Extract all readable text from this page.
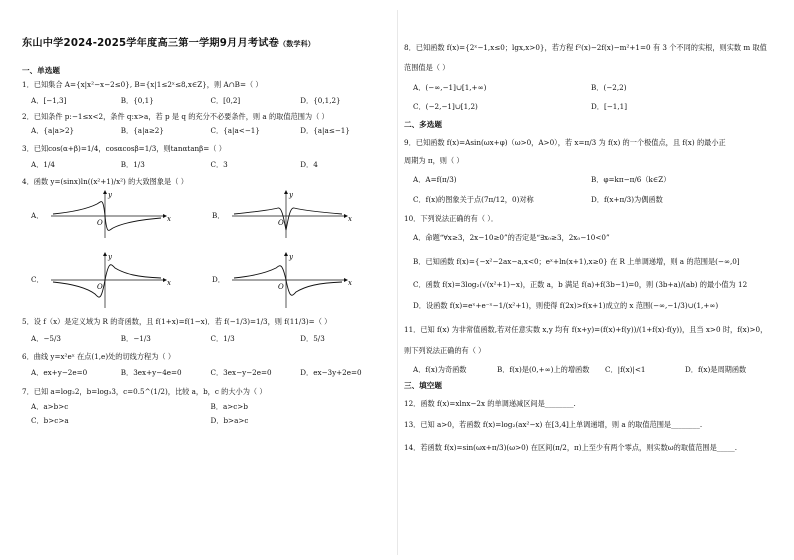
东山中学2024-2025学年度高三第一学期9月月考试卷（数学科）
一、单选题
1．已知集合 A={x|x²−x−2≤0}, B={x|1≤2ˣ≤8,x∈Z}，则 A∩B=（ ）
A．[−1,3]	B．{0,1}	C．[0,2]	D．{0,1,2}
2．已知条件 p:−1≤x<2，条件 q:x>a，若 p 是 q 的充分不必要条件，则 a 的取值范围为（ ）
A．{a|a>2}	B．{a|a≥2}	C．{a|a<−1}	D．{a|a≤−1}
3．已知cos(α+β)=1/4，cosαcosβ=1/3，则tanαtanβ=（ ）
A．1/4	B．1/3	C．3	D．4
4．函数 y=(sinx)ln((x²+1)/x²) 的大致图象是（ ）
A．	x
y
O
B．	x
y
O
C．	x
y
O
D．	x
y
O
5．设 f（x）是定义域为 R 的奇函数，且 f(1+x)=f(1−x)．若 f(−1/3)=1/3，则 f(11/3)=（ ）
A．−5/3	B．−1/3	C．1/3	D．5/3
6．曲线 y=x²eˣ 在点(1,e)处的切线方程为（ ）
A．ex+y−2e=0	B．3ex+y−4e=0	C．3ex−y−2e=0	D．ex−3y+2e=0
7．已知 a=log₂2，b=log₃3，c=0.5^(1/2)，比较 a，b，c 的大小为（ ）
A．a>b>c	B．a>c>b
C．b>c>a	D．b>a>c
8．已知函数 f(x)={2ˣ−1,x≤0；lgx,x>0}，若方程 f²(x)−2f(x)−m²+1=0 有 3 个不同的实根，则实数 m 取值
范围值是（ ）
A．(−∞,−1]∪[1,+∞)	B．(−2,2)
C．(−2,−1]∪[1,2)	D．[−1,1]
二、多选题
9．已知函数 f(x)=Asin(ωx+φ)（ω>0，A>0），若 x=π/3 为 f(x) 的一个极值点，且 f(x) 的最小正
周期为 π，则（ ）
A．A=f(π/3)	B．φ=kπ−π/6（k∈Z）
C．f(x)的图象关于点(7π/12，0)对称	D．f(x+π/3)为偶函数
10．下列说法正确的有（ ）．
A．命题“∀x≥3，2x−10≥0”的否定是“∃x₀≥3，2x₀−10<0”
B．已知函数 f(x)={−x²−2ax−a,x<0；eˣ+ln(x+1),x≥0} 在 R 上单调递增，则 a 的范围是(−∞,0]
C．函数 f(x)=3log₂(√(x²+1)−x)，正数 a，b 满足 f(a)+f(3b−1)=0，则 (3b+a)/(ab) 的最小值为 12
D．设函数 f(x)=eˣ+e⁻ˣ−1/(x²+1)，则使得 f(2x)>f(x+1)成立的 x 范围(−∞,−1/3)∪(1,+∞)
11．已知 f(x) 为非常值函数,若对任意实数 x,y 均有 f(x+y)=(f(x)+f(y))/(1+f(x)·f(y))，且当 x>0 时，f(x)>0，
则下列说法正确的有（ ）
A．f(x)为奇函数	B．f(x)是(0,+∞)上的增函数	C．|f(x)|<1	D．f(x)是周期函数
三、填空题
12．函数 f(x)=xlnx−2x 的单调递减区间是________.
13．已知 a>0，若函数 f(x)=log₂(ax²−x) 在[3,4]上单调递增，则 a 的取值范围是________.
14．若函数 f(x)=sin(ωx+π/3)(ω>0) 在区间(π/2，π)上至少有两个零点，则实数ω的取值范围是_____.
